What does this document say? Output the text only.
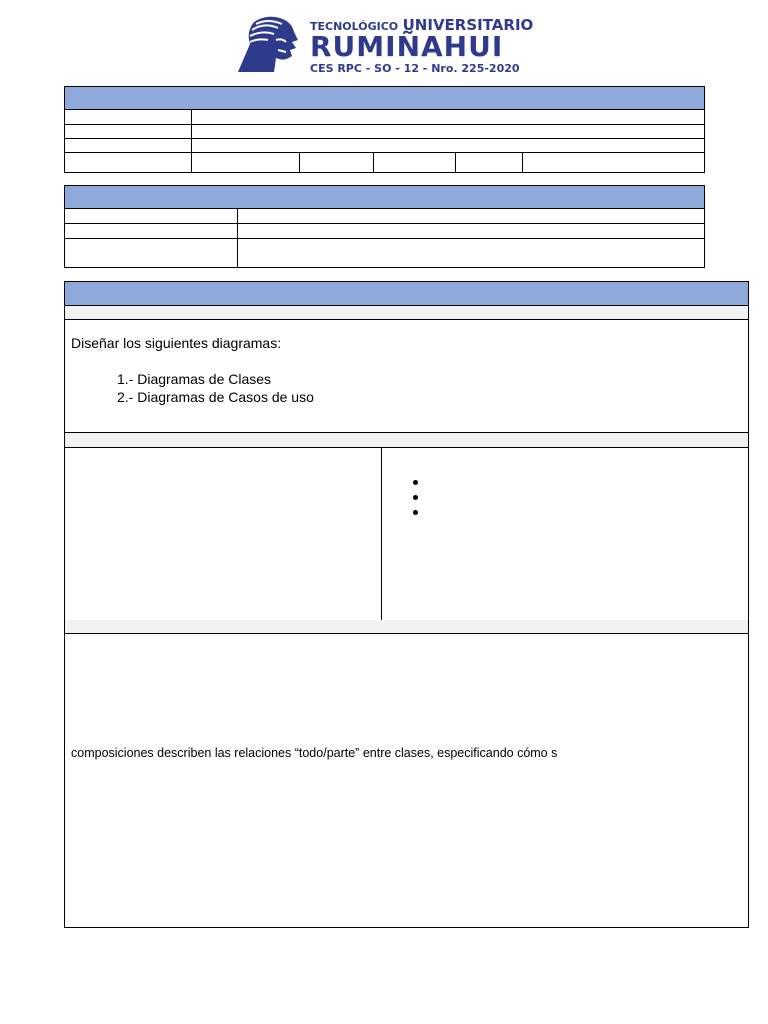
TECNOLÓGICO UNIVERSITARIO
RUMIÑAHUI
CES RPC - SO - 12 - Nro. 225-2020
Diseñar los siguientes diagramas:
1.- Diagramas de Clases
2.- Diagramas de Casos de uso
composiciones describen las relaciones “todo/parte” entre clases, especificando cómo s
